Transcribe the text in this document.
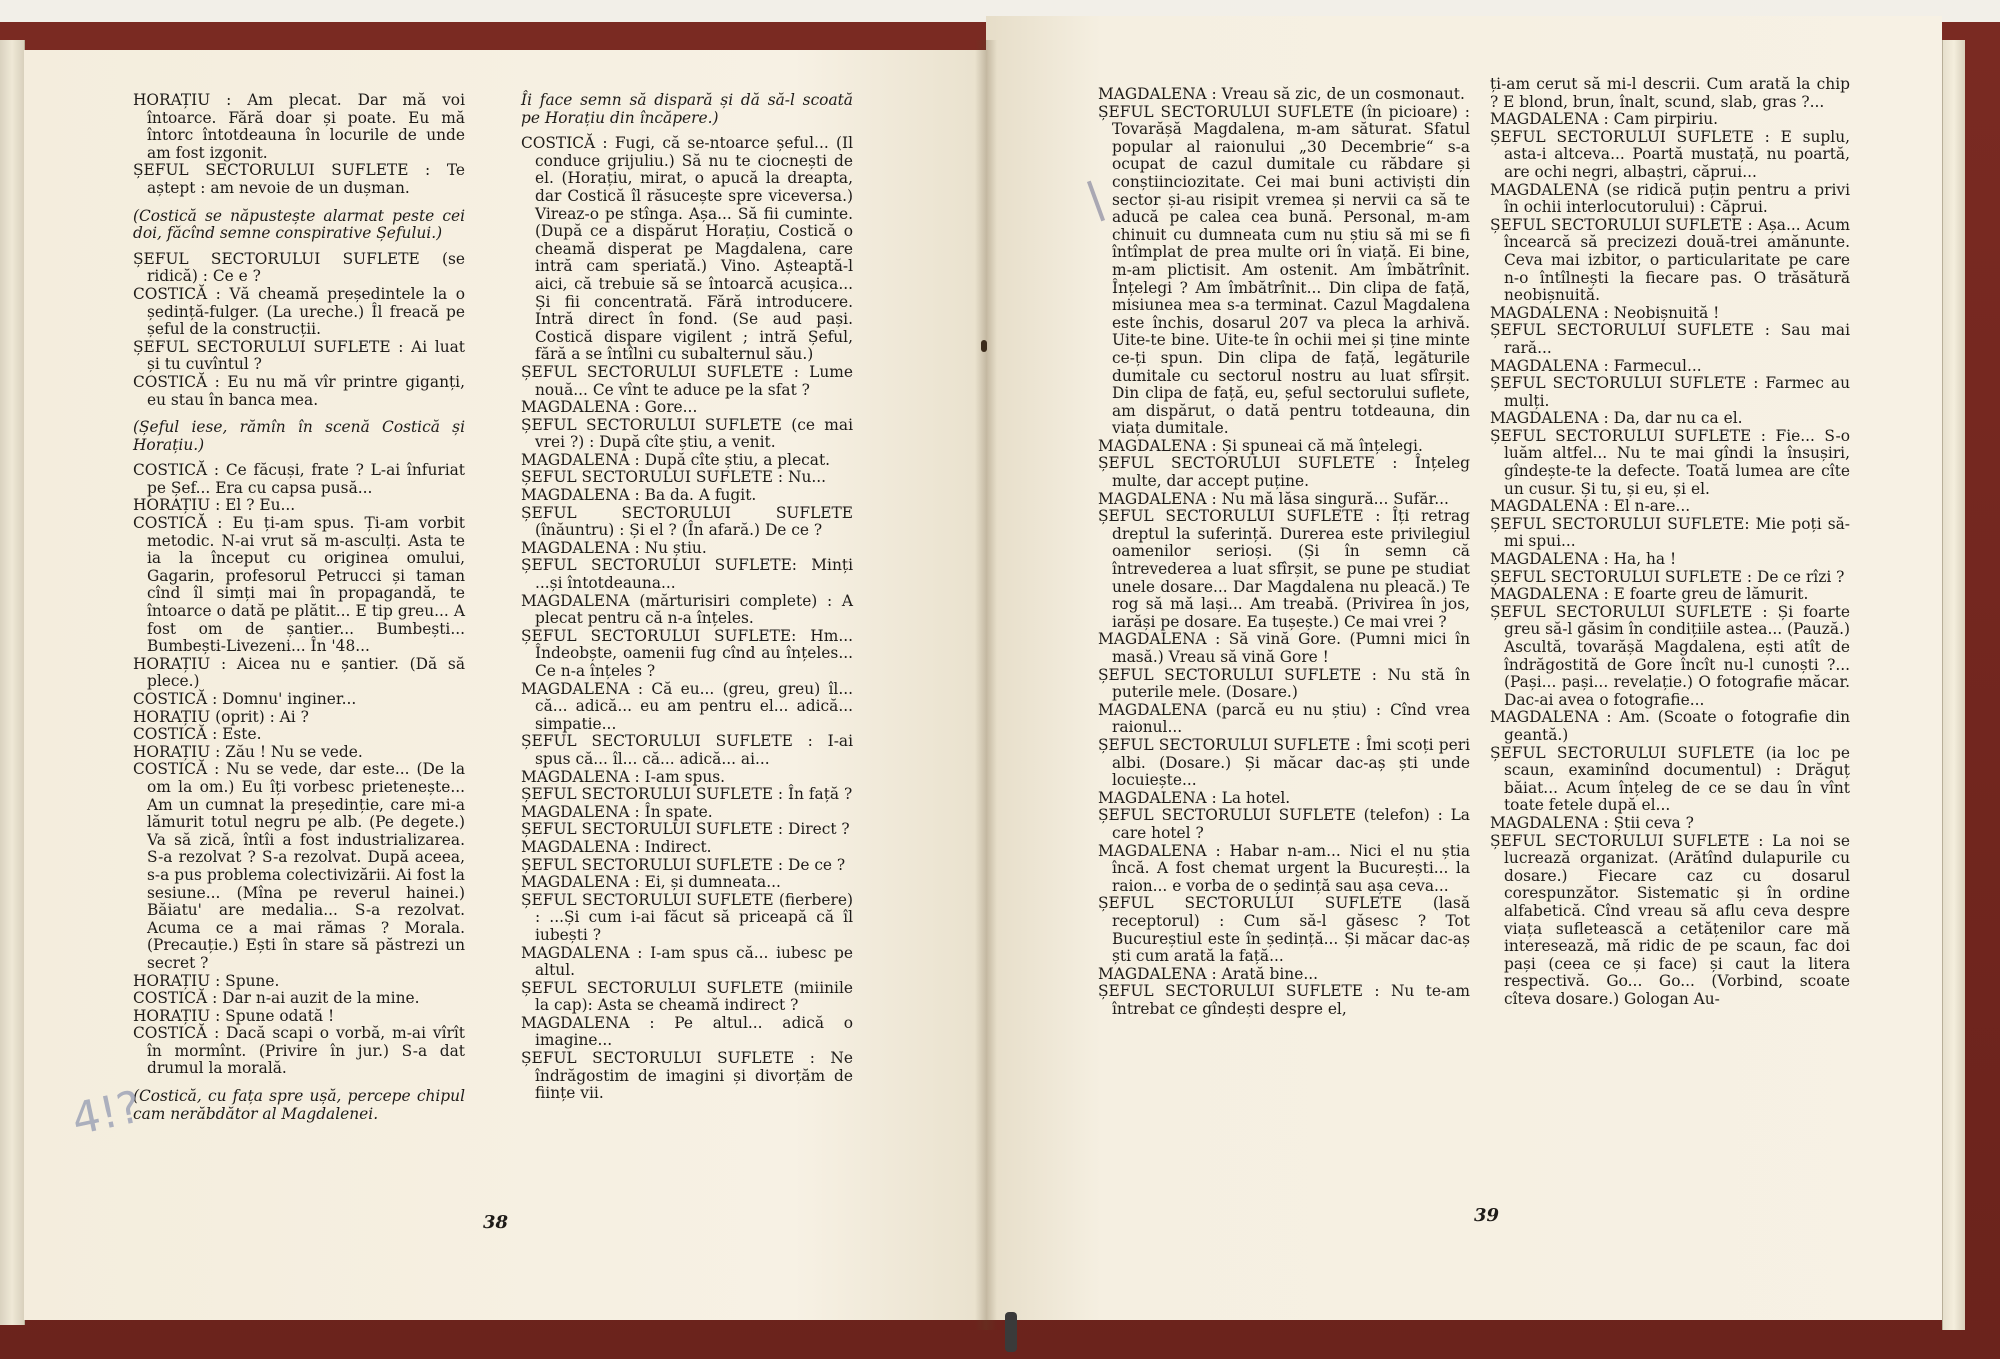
HORAȚIU : Am plecat. Dar mă voi întoarce. Fără doar și poate. Eu mă întorc întotdeauna în locurile de unde am fost izgonit.

ȘEFUL SECTORULUI SUFLETE : Te aștept : am nevoie de un dușman.

(Costică se năpustește alarmat peste cei doi, făcînd semne conspirative Șefului.)

ȘEFUL SECTORULUI SUFLETE (se ridică) : Ce e ?

COSTICĂ : Vă cheamă președintele la o ședință-fulger. (La ureche.) Îl freacă pe șeful de la construcții.

ȘEFUL SECTORULUI SUFLETE : Ai luat și tu cuvîntul ?

COSTICĂ : Eu nu mă vîr printre giganți, eu stau în banca mea.

(Șeful iese, rămîn în scenă Costică și Horațiu.)

COSTICĂ : Ce făcuși, frate ? L-ai înfuriat pe Șef... Era cu capsa pusă...

HORAȚIU : El ? Eu...

COSTICĂ : Eu ți-am spus. Ți-am vorbit metodic. N-ai vrut să m-asculți. Asta te ia la început cu originea omului, Gagarin, profesorul Petrucci și taman cînd îl simți mai în propagandă, te întoarce o dată pe plătit... E tip greu... A fost om de șantier... Bumbești... Bumbești-Livezeni... În '48...

HORAȚIU : Aicea nu e șantier. (Dă să plece.)

COSTICĂ : Domnu' inginer...

HORAȚIU (oprit) : Ai ?

COSTICĂ : Este.

HORAȚIU : Zău ! Nu se vede.

COSTICĂ : Nu se vede, dar este... (De la om la om.) Eu îți vorbesc prietenește... Am un cumnat la președinție, care mi-a lămurit totul negru pe alb. (Pe degete.) Va să zică, întîi a fost industrializarea. S-a rezolvat ? S-a rezolvat. După aceea, s-a pus problema colectivizării. Ai fost la sesiune... (Mîna pe reverul hainei.) Băiatu' are medalia... S-a rezolvat. Acuma ce a mai rămas ? Morala. (Precauție.) Ești în stare să păstrezi un secret ?

HORAȚIU : Spune.

COSTICĂ : Dar n-ai auzit de la mine.

HORAȚIU : Spune odată !

COSTICĂ : Dacă scapi o vorbă, m-ai vîrît în mormînt. (Privire în jur.) S-a dat drumul la morală.

(Costică, cu fața spre ușă, percepe chipul cam nerăbdător al Magdalenei.

Îi face semn să dispară și dă să-l scoată pe Horațiu din încăpere.)

COSTICĂ : Fugi, că se-ntoarce șeful... (Il conduce grijuliu.) Să nu te ciocnești de el. (Horațiu, mirat, o apucă la dreapta, dar Costică îl răsucește spre viceversa.) Vireaz-o pe stînga. Așa... Să fii cuminte. (După ce a dispărut Horațiu, Costică o cheamă disperat pe Magdalena, care intră cam speriată.) Vino. Așteaptă-l aici, că trebuie să se întoarcă acușica... Și fii concentrată. Fără introducere. Intră direct în fond. (Se aud pași. Costică dispare vigilent ; intră Șeful, fără a se întîlni cu subalternul său.)

ȘEFUL SECTORULUI SUFLETE : Lume nouă... Ce vînt te aduce pe la sfat ?

MAGDALENA : Gore...

ȘEFUL SECTORULUI SUFLETE (ce mai vrei ?) : După cîte știu, a venit.

MAGDALENA : După cîte știu, a plecat.

ȘEFUL SECTORULUI SUFLETE : Nu...

MAGDALENA : Ba da. A fugit.

ȘEFUL SECTORULUI SUFLETE (înăuntru) : Și el ? (În afară.) De ce ?

MAGDALENA : Nu știu.

ȘEFUL SECTORULUI SUFLETE: Minți ...și întotdeauna...

MAGDALENA (mărturisiri complete) : A plecat pentru că n-a înțeles.

ȘEFUL SECTORULUI SUFLETE: Hm... Îndeobște, oamenii fug cînd au înțeles... Ce n-a înțeles ?

MAGDALENA : Că eu... (greu, greu) îl... că... adică... eu am pentru el... adică... simpatie...

ȘEFUL SECTORULUI SUFLETE : I-ai spus că... îl... că... adică... ai...

MAGDALENA : I-am spus.

ȘEFUL SECTORULUI SUFLETE : În față ?

MAGDALENA : În spate.

ȘEFUL SECTORULUI SUFLETE : Direct ?

MAGDALENA : Indirect.

ȘEFUL SECTORULUI SUFLETE : De ce ?

MAGDALENA : Ei, și dumneata...

ȘEFUL SECTORULUI SUFLETE (fierbere) : ...Și cum i-ai făcut să priceapă că îl iubești ?

MAGDALENA : I-am spus că... iubesc pe altul.

ȘEFUL SECTORULUI SUFLETE (miinile la cap): Asta se cheamă indirect ?

MAGDALENA : Pe altul... adică o imagine...

ȘEFUL SECTORULUI SUFLETE : Ne îndrăgostim de imagini și divorțăm de ființe vii.

MAGDALENA : Vreau să zic, de un cosmonaut.

ȘEFUL SECTORULUI SUFLETE (în picioare) : Tovarășă Magdalena, m-am săturat. Sfatul popular al raionului „30 Decembrie“ s-a ocupat de cazul dumitale cu răbdare și conștiinciozitate. Cei mai buni activiști din sector și-au risipit vremea și nervii ca să te aducă pe calea cea bună. Personal, m-am chinuit cu dumneata cum nu știu să mi se fi întîmplat de prea multe ori în viață. Ei bine, m-am plictisit. Am ostenit. Am îmbătrînit. Înțelegi ? Am îmbătrînit... Din clipa de față, misiunea mea s-a terminat. Cazul Magdalena este închis, dosarul 207 va pleca la arhivă. Uite-te bine. Uite-te în ochii mei și ține minte ce-ți spun. Din clipa de față, legăturile dumitale cu sectorul nostru au luat sfîrșit. Din clipa de față, eu, șeful sectorului suflete, am dispărut, o dată pentru totdeauna, din viața dumitale.

MAGDALENA : Și spuneai că mă înțelegi.

ȘEFUL SECTORULUI SUFLETE : Înțeleg multe, dar accept puține.

MAGDALENA : Nu mă lăsa singură... Sufăr...

ȘEFUL SECTORULUI SUFLETE : Îți retrag dreptul la suferință. Durerea este privilegiul oamenilor serioși. (Și în semn că întrevederea a luat sfîrșit, se pune pe studiat unele dosare... Dar Magdalena nu pleacă.) Te rog să mă lași... Am treabă. (Privirea în jos, iarăși pe dosare. Ea tușește.) Ce mai vrei ?

MAGDALENA : Să vină Gore. (Pumni mici în masă.) Vreau să vină Gore !

ȘEFUL SECTORULUI SUFLETE : Nu stă în puterile mele. (Dosare.)

MAGDALENA (parcă eu nu știu) : Cînd vrea raionul...

ȘEFUL SECTORULUI SUFLETE : Îmi scoți peri albi. (Dosare.) Și măcar dac-aș ști unde locuiește...

MAGDALENA : La hotel.

ȘEFUL SECTORULUI SUFLETE (telefon) : La care hotel ?

MAGDALENA : Habar n-am... Nici el nu știa încă. A fost chemat urgent la București... la raion... e vorba de o ședință sau așa ceva...

ȘEFUL SECTORULUI SUFLETE (lasă receptorul) : Cum să-l găsesc ? Tot Bucureștiul este în ședință... Și măcar dac-aș ști cum arată la față...

MAGDALENA : Arată bine...

ȘEFUL SECTORULUI SUFLETE : Nu te-am întrebat ce gîndești despre el,

ți-am cerut să mi-l descrii. Cum arată la chip ? E blond, brun, înalt, scund, slab, gras ?...

MAGDALENA : Cam pirpiriu.

ȘEFUL SECTORULUI SUFLETE : E suplu, asta-i altceva... Poartă mustață, nu poartă, are ochi negri, albaștri, căprui...

MAGDALENA (se ridică puțin pentru a privi în ochii interlocutorului) : Căprui.

ȘEFUL SECTORULUI SUFLETE : Așa... Acum încearcă să precizezi două-trei amănunte. Ceva mai izbitor, o particularitate pe care n-o întîlnești la fiecare pas. O trăsătură neobișnuită.

MAGDALENA : Neobișnuită !

ȘEFUL SECTORULUI SUFLETE : Sau mai rară...

MAGDALENA : Farmecul...

ȘEFUL SECTORULUI SUFLETE : Farmec au mulți.

MAGDALENA : Da, dar nu ca el.

ȘEFUL SECTORULUI SUFLETE : Fie... S-o luăm altfel... Nu te mai gîndi la însușiri, gîndește-te la defecte. Toată lumea are cîte un cusur. Și tu, și eu, și el.

MAGDALENA : El n-are...

ȘEFUL SECTORULUI SUFLETE: Mie poți să-mi spui...

MAGDALENA : Ha, ha !

ȘEFUL SECTORULUI SUFLETE : De ce rîzi ?

MAGDALENA : E foarte greu de lămurit.

ȘEFUL SECTORULUI SUFLETE : Și foarte greu să-l găsim în condițiile astea... (Pauză.) Ascultă, tovarășă Magdalena, ești atît de îndrăgostită de Gore încît nu-l cunoști ?... (Pași... pași... revelație.) O fotografie măcar. Dac-ai avea o fotografie...

MAGDALENA : Am. (Scoate o fotografie din geantă.)

ȘEFUL SECTORULUI SUFLETE (ia loc pe scaun, examinînd documentul) : Drăguț băiat... Acum înțeleg de ce se dau în vînt toate fetele după el...

MAGDALENA : Știi ceva ?

ȘEFUL SECTORULUI SUFLETE : La noi se lucrează organizat. (Arătînd dulapurile cu dosare.) Fiecare caz cu dosarul corespunzător. Sistematic și în ordine alfabetică. Cînd vreau să aflu ceva despre viața sufletească a cetățenilor care mă interesează, mă ridic de pe scaun, fac doi pași (ceea ce și face) și caut la litera respectivă. Go... Go... (Vorbind, scoate cîteva dosare.) Gologan Au-

38	39
4!?
